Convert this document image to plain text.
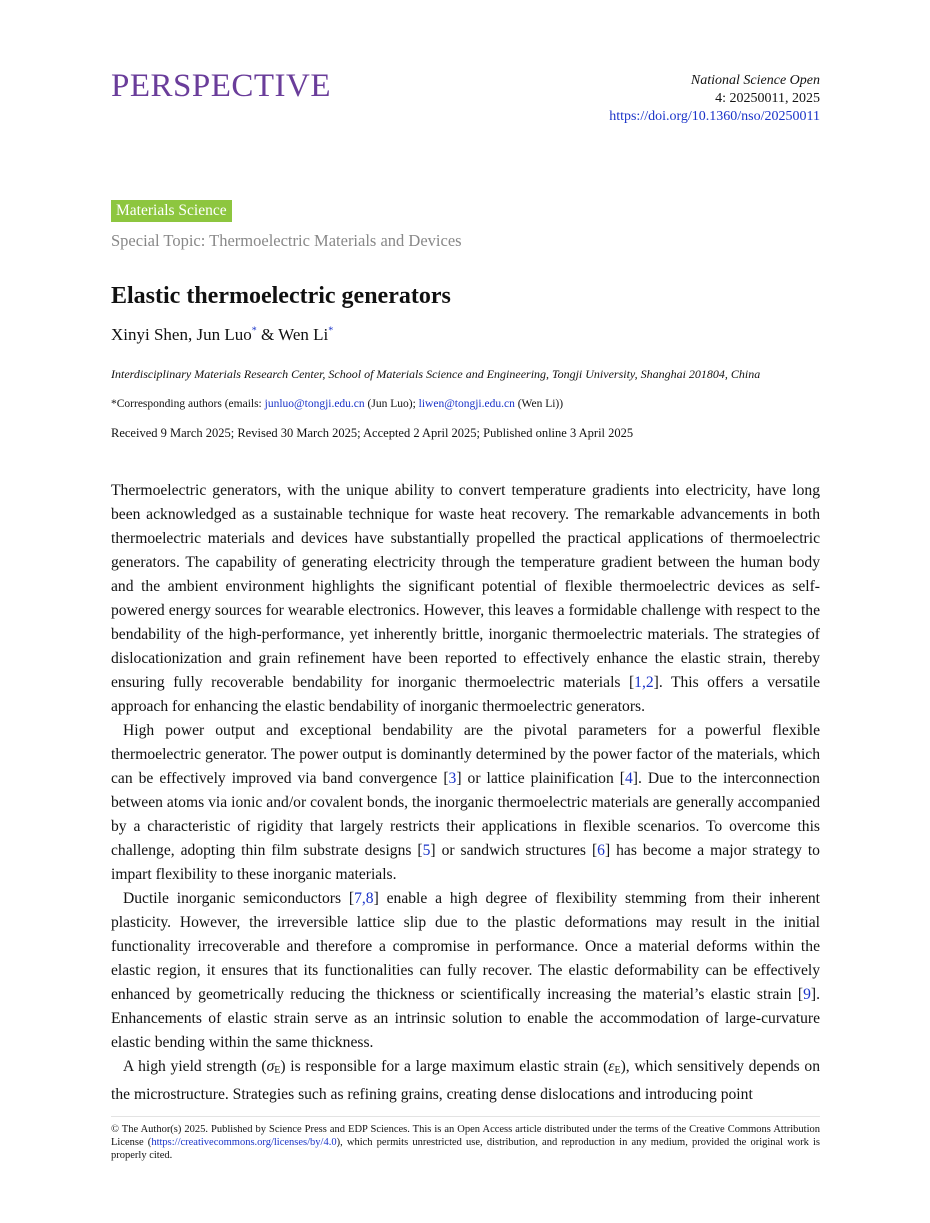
PERSPECTIVE	National Science Open
4: 20250011, 2025
https://doi.org/10.1360/nso/20250011
Materials Science
Special Topic: Thermoelectric Materials and Devices
Elastic thermoelectric generators
Xinyi Shen, Jun Luo* & Wen Li*
Interdisciplinary Materials Research Center, School of Materials Science and Engineering, Tongji University, Shanghai 201804, China
*Corresponding authors (emails: junluo@tongji.edu.cn (Jun Luo); liwen@tongji.edu.cn (Wen Li))
Received 9 March 2025; Revised 30 March 2025; Accepted 2 April 2025; Published online 3 April 2025

Thermoelectric generators, with the unique ability to convert temperature gradients into electricity, have long been acknowledged as a sustainable technique for waste heat recovery. The remarkable advancements in both thermoelectric materials and devices have substantially propelled the practical applications of thermoelectric generators. The capability of generating electricity through the temperature gradient between the human body and the ambient environment highlights the significant potential of flexible thermoelectric devices as self-powered energy sources for wearable electronics. However, this leaves a formidable challenge with respect to the bendability of the high-performance, yet inherently brittle, inorganic thermoelectric materials. The strategies of dislocationization and grain refinement have been reported to effectively enhance the elastic strain, thereby ensuring fully recoverable bendability for inorganic thermoelectric materials [1,2]. This offers a versatile approach for enhancing the elastic bendability of inorganic thermoelectric generators.

High power output and exceptional bendability are the pivotal parameters for a powerful flexible thermoelectric generator. The power output is dominantly determined by the power factor of the materials, which can be effectively improved via band convergence [3] or lattice plainification [4]. Due to the interconnection between atoms via ionic and/or covalent bonds, the inorganic thermoelectric materials are generally accompanied by a characteristic of rigidity that largely restricts their applications in flexible scenarios. To overcome this challenge, adopting thin film substrate designs [5] or sandwich structures [6] has become a major strategy to impart flexibility to these inorganic materials.

Ductile inorganic semiconductors [7,8] enable a high degree of flexibility stemming from their inherent plasticity. However, the irreversible lattice slip due to the plastic deformations may result in the initial functionality irrecoverable and therefore a compromise in performance. Once a material deforms within the elastic region, it ensures that its functionalities can fully recover. The elastic deformability can be effectively enhanced by geometrically reducing the thickness or scientifically increasing the material’s elastic strain [9]. Enhancements of elastic strain serve as an intrinsic solution to enable the accommodation of large-curvature elastic bending within the same thickness.

A high yield strength $(\sigma_E)$ is responsible for a large maximum elastic strain $(\varepsilon_E)$, which sensitively depends on the microstructure. Strategies such as refining grains, creating dense dislocations and introducing point

© The Author(s) 2025. Published by Science Press and EDP Sciences. This is an Open Access article distributed under the terms of the Creative Commons Attribution License (https://creativecommons.org/licenses/by/4.0), which permits unrestricted use, distribution, and reproduction in any medium, provided the original work is properly cited.
